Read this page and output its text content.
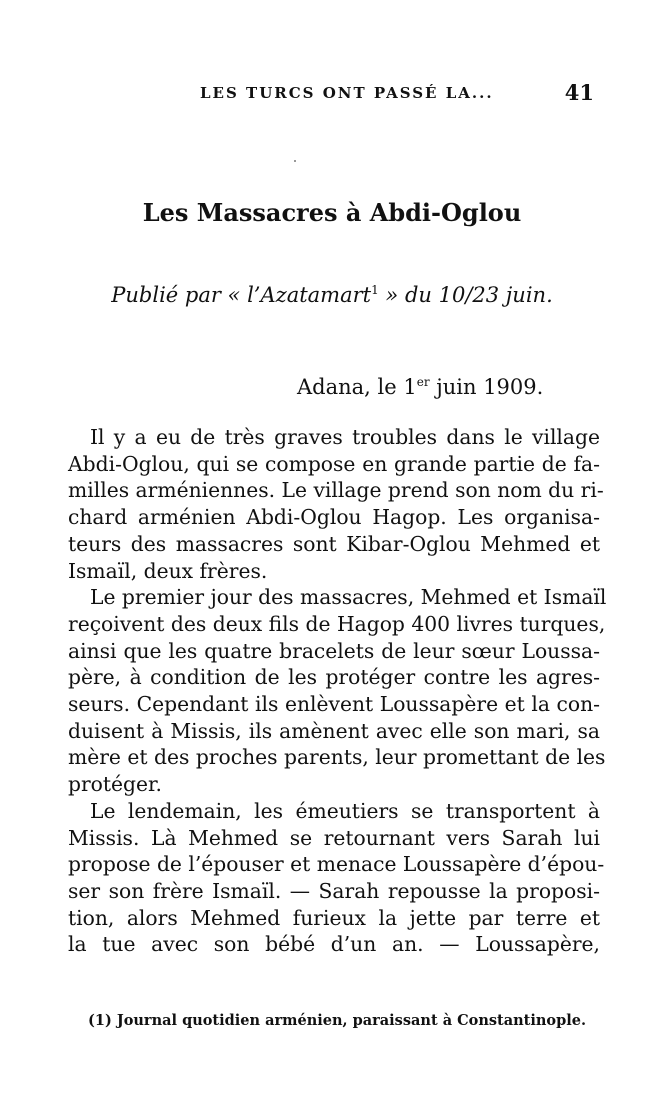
LES TURCS ONT PASSÉ LA...	41
Les Massacres à Abdi-Oglou
Publié par « l’Azatamart$^1$ » du 10/23 juin.
Adana, le 1er juin 1909.
Il y a eu de très graves troubles dans le village
Abdi-Oglou, qui se compose en grande partie de fa-
milles arméniennes. Le village prend son nom du ri-
chard arménien Abdi-Oglou Hagop. Les organisa-
teurs des massacres sont Kibar-Oglou Mehmed et
Ismaïl, deux frères.
Le premier jour des massacres, Mehmed et Ismaïl
reçoivent des deux fils de Hagop 400 livres turques,
ainsi que les quatre bracelets de leur sœur Loussa-
père, à condition de les protéger contre les agres-
seurs. Cependant ils enlèvent Loussapère et la con-
duisent à Missis, ils amènent avec elle son mari, sa
mère et des proches parents, leur promettant de les
protéger.
Le lendemain, les émeutiers se transportent à
Missis. Là Mehmed se retournant vers Sarah lui
propose de l’épouser et menace Loussapère d’épou-
ser son frère Ismaïl. — Sarah repousse la proposi-
tion, alors Mehmed furieux la jette par terre et
la tue avec son bébé d’un an. — Loussapère,
(1) Journal quotidien arménien, paraissant à Constantinople.
